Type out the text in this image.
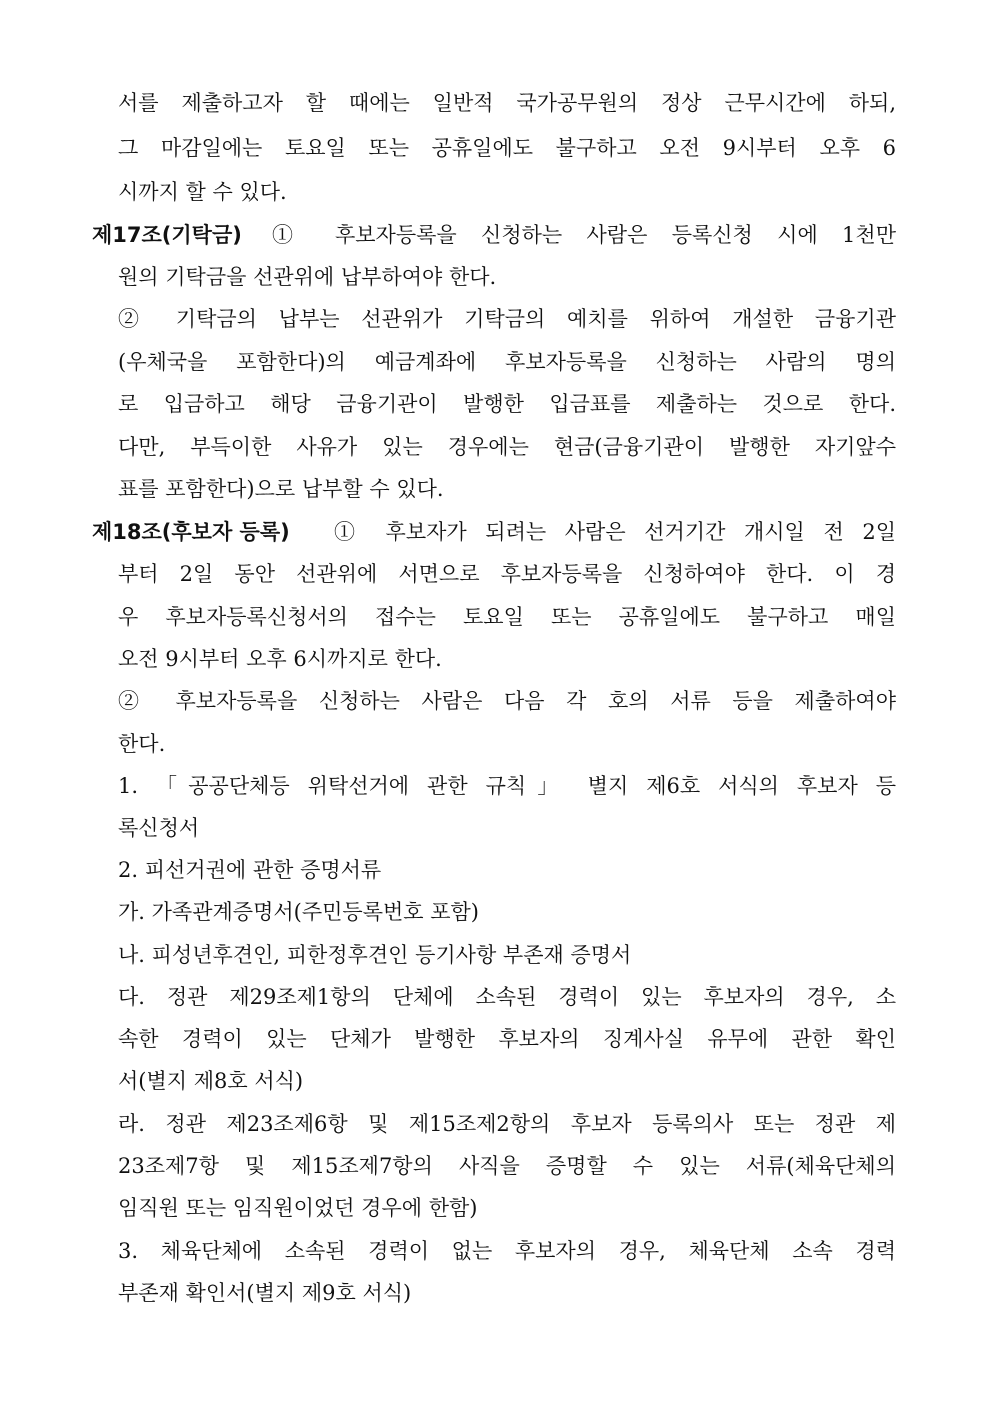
서를 제출하고자 할 때에는 일반적 국가공무원의 정상 근무시간에 하되,
그 마감일에는 토요일 또는 공휴일에도 불구하고 오전 9시부터 오후 6
시까지 할 수 있다.
제17조(기탁금) ① 후보자등록을 신청하는 사람은 등록신청 시에 1천만
원의 기탁금을 선관위에 납부하여야 한다.
② 기탁금의 납부는 선관위가 기탁금의 예치를 위하여 개설한 금융기관
(우체국을 포함한다)의 예금계좌에 후보자등록을 신청하는 사람의 명의
로 입금하고 해당 금융기관이 발행한 입금표를 제출하는 것으로 한다.
다만, 부득이한 사유가 있는 경우에는 현금(금융기관이 발행한 자기앞수
표를 포함한다)으로 납부할 수 있다.
제18조(후보자 등록) ① 후보자가 되려는 사람은 선거기간 개시일 전 2일
부터 2일 동안 선관위에 서면으로 후보자등록을 신청하여야 한다. 이 경
우 후보자등록신청서의 접수는 토요일 또는 공휴일에도 불구하고 매일
오전 9시부터 오후 6시까지로 한다.
② 후보자등록을 신청하는 사람은 다음 각 호의 서류 등을 제출하여야
한다.
1. 「공공단체등 위탁선거에 관한 규칙」 별지 제6호 서식의 후보자 등
록신청서
2. 피선거권에 관한 증명서류
가. 가족관계증명서(주민등록번호 포함)
나. 피성년후견인, 피한정후견인 등기사항 부존재 증명서
다. 정관 제29조제1항의 단체에 소속된 경력이 있는 후보자의 경우, 소
속한 경력이 있는 단체가 발행한 후보자의 징계사실 유무에 관한 확인
서(별지 제8호 서식)
라. 정관 제23조제6항 및 제15조제2항의 후보자 등록의사 또는 정관 제
23조제7항 및 제15조제7항의 사직을 증명할 수 있는 서류(체육단체의
임직원 또는 임직원이었던 경우에 한함)
3. 체육단체에 소속된 경력이 없는 후보자의 경우, 체육단체 소속 경력
부존재 확인서(별지 제9호 서식)
